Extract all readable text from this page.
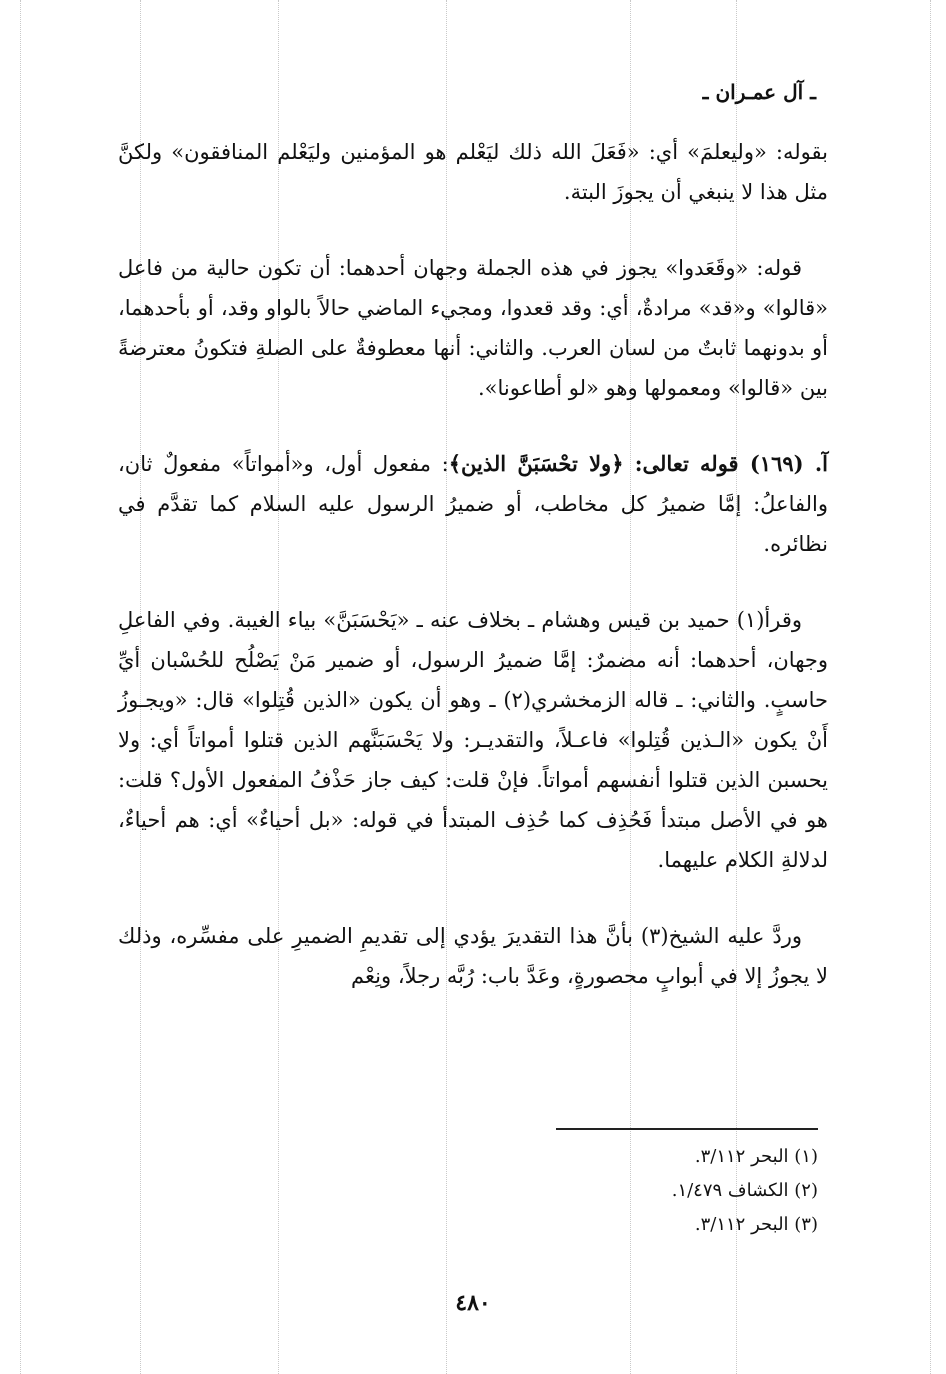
ـ آل عمـران ـ

بقوله: «وليعلمَ» أي: «فَعَلَ الله ذلك ليَعْلم هو المؤمنين وليَعْلم المنافقون» ولكنَّ مثل هذا لا ينبغي أن يجوزَ البتة.

قوله: «وقَعَدوا» يجوز في هذه الجملة وجهان أحدهما: أن تكون حالية من فاعل «قالوا» و«قد» مرادةٌ، أي: وقد قعدوا، ومجيء الماضي حالاً بالواو وقد، أو بأحدهما، أو بدونهما ثابتٌ من لسان العرب. والثاني: أنها معطوفةٌ على الصلةِ فتكونُ معترضةً بين «قالوا» ومعمولها وهو «لو أطاعونا».

آ. (١٦٩) قوله تعالى: ﴿ولا تحْسَبَنَّ الذين﴾: مفعول أول، و«أمواتاً» مفعولٌ ثان، والفاعلُ: إمَّا ضميرُ كل مخاطب، أو ضميرُ الرسول عليه السلام كما تقدَّم في نظائره.

وقرأ(١) حميد بن قيس وهشام ـ بخلاف عنه ـ «يَحْسَبَنَّ» بياء الغيبة. وفي الفاعلِ وجهان، أحدهما: أنه مضمرٌ: إمَّا ضميرُ الرسول، أو ضمير مَنْ يَصْلُح للحُسْبان أيِّ حاسبٍ. والثاني: ـ قاله الزمخشري(٢) ـ وهو أن يكون «الذين قُتِلوا» قال: «ويجـوزُ أَنْ يكون «الـذين قُتِلوا» فاعـلاً، والتقديـر: ولا يَحْسَبَنَّهم الذين قتلوا أمواتاً أي: ولا يحسبن الذين قتلوا أنفسهم أمواتاً. فإنْ قلت: كيف جاز حَذْفُ المفعول الأول؟ قلت: هو في الأصل مبتدأ فَحُذِف كما حُذِف المبتدأ في قوله: «بل أحياءٌ» أي: هم أحياءٌ، لدلالةِ الكلام عليهما.

وردَّ عليه الشيخ(٣) بأنَّ هذا التقديرَ يؤدي إلى تقديمِ الضميرِ على مفسِّره، وذلك لا يجوزُ إلا في أبوابٍ محصورةٍ، وعَدَّ باب: رُبَّه رجلاً، ونِعْم

(١) البحر ٣/١١٢.
(٢) الكشاف ١/٤٧٩.
(٣) البحر ٣/١١٢.
٤٨٠
